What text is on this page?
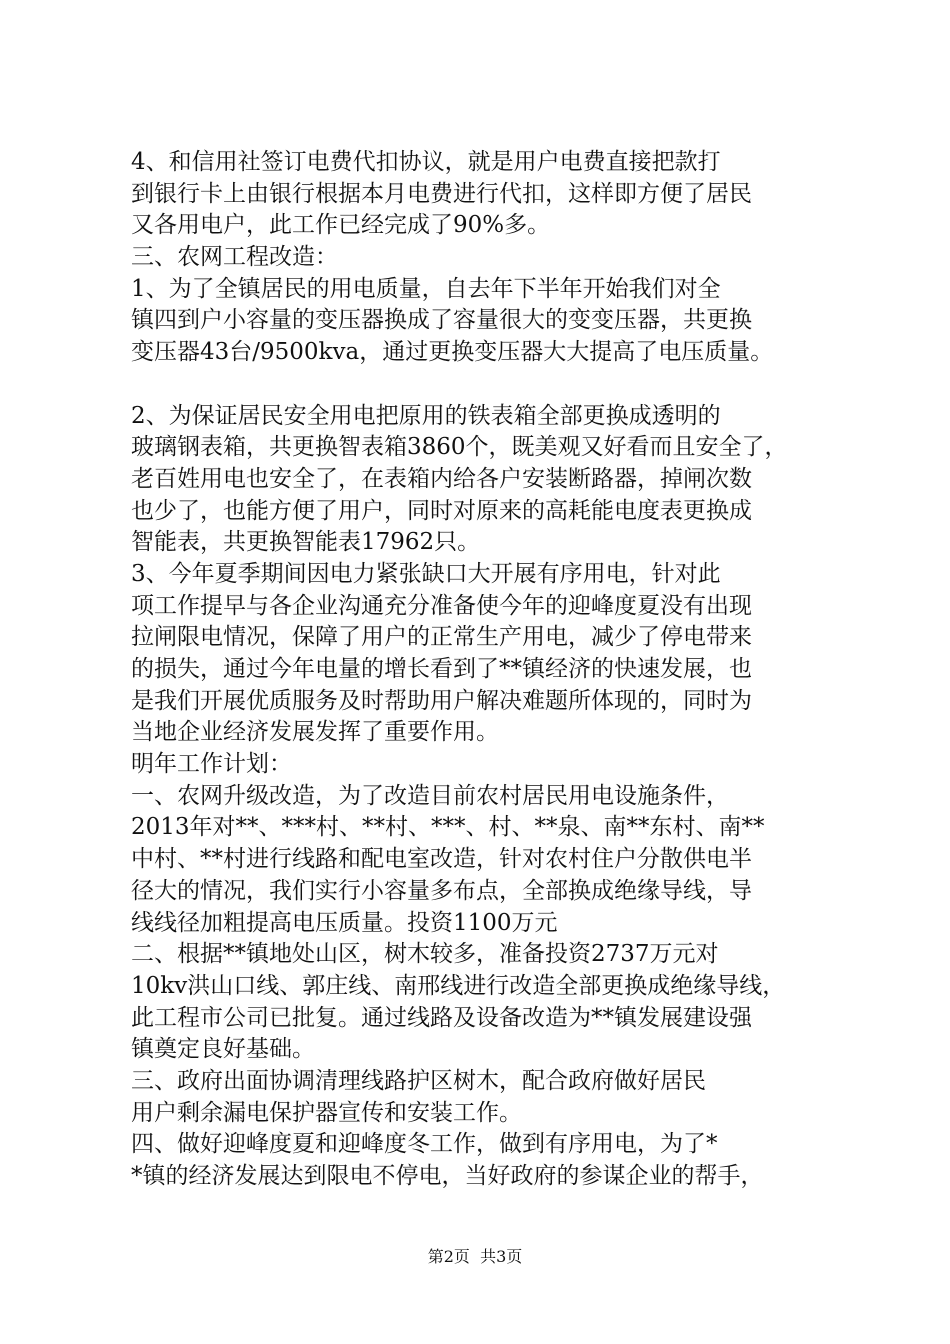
4、和信用社签订电费代扣协议，就是用户电费直接把款打
到银行卡上由银行根据本月电费进行代扣，这样即方便了居民
又各用电户，此工作已经完成了90%多。
三、农网工程改造：
1、为了全镇居民的用电质量，自去年下半年开始我们对全
镇四到户小容量的变压器换成了容量很大的变变压器，共更换
变压器43台/9500kva，通过更换变压器大大提高了电压质量。
2、为保证居民安全用电把原用的铁表箱全部更换成透明的
玻璃钢表箱，共更换智表箱3860个，既美观又好看而且安全了，
老百姓用电也安全了，在表箱内给各户安装断路器，掉闸次数
也少了，也能方便了用户，同时对原来的高耗能电度表更换成
智能表，共更换智能表17962只。
3、今年夏季期间因电力紧张缺口大开展有序用电，针对此
项工作提早与各企业沟通充分准备使今年的迎峰度夏没有出现
拉闸限电情况，保障了用户的正常生产用电，减少了停电带来
的损失，通过今年电量的增长看到了**镇经济的快速发展，也
是我们开展优质服务及时帮助用户解决难题所体现的，同时为
当地企业经济发展发挥了重要作用。
明年工作计划：
一、农网升级改造，为了改造目前农村居民用电设施条件，
2013年对**、***村、**村、***、村、**泉、南**东村、南**
中村、**村进行线路和配电室改造，针对农村住户分散供电半
径大的情况，我们实行小容量多布点，全部换成绝缘导线，导
线线径加粗提高电压质量。投资1100万元
二、根据**镇地处山区，树木较多，准备投资2737万元对
10kv洪山口线、郭庄线、南邢线进行改造全部更换成绝缘导线，
此工程市公司已批复。通过线路及设备改造为**镇发展建设强
镇奠定良好基础。
三、政府出面协调清理线路护区树木，配合政府做好居民
用户剩余漏电保护器宣传和安装工作。
四、做好迎峰度夏和迎峰度冬工作，做到有序用电，为了*
*镇的经济发展达到限电不停电，当好政府的参谋企业的帮手，
第2页  共3页
